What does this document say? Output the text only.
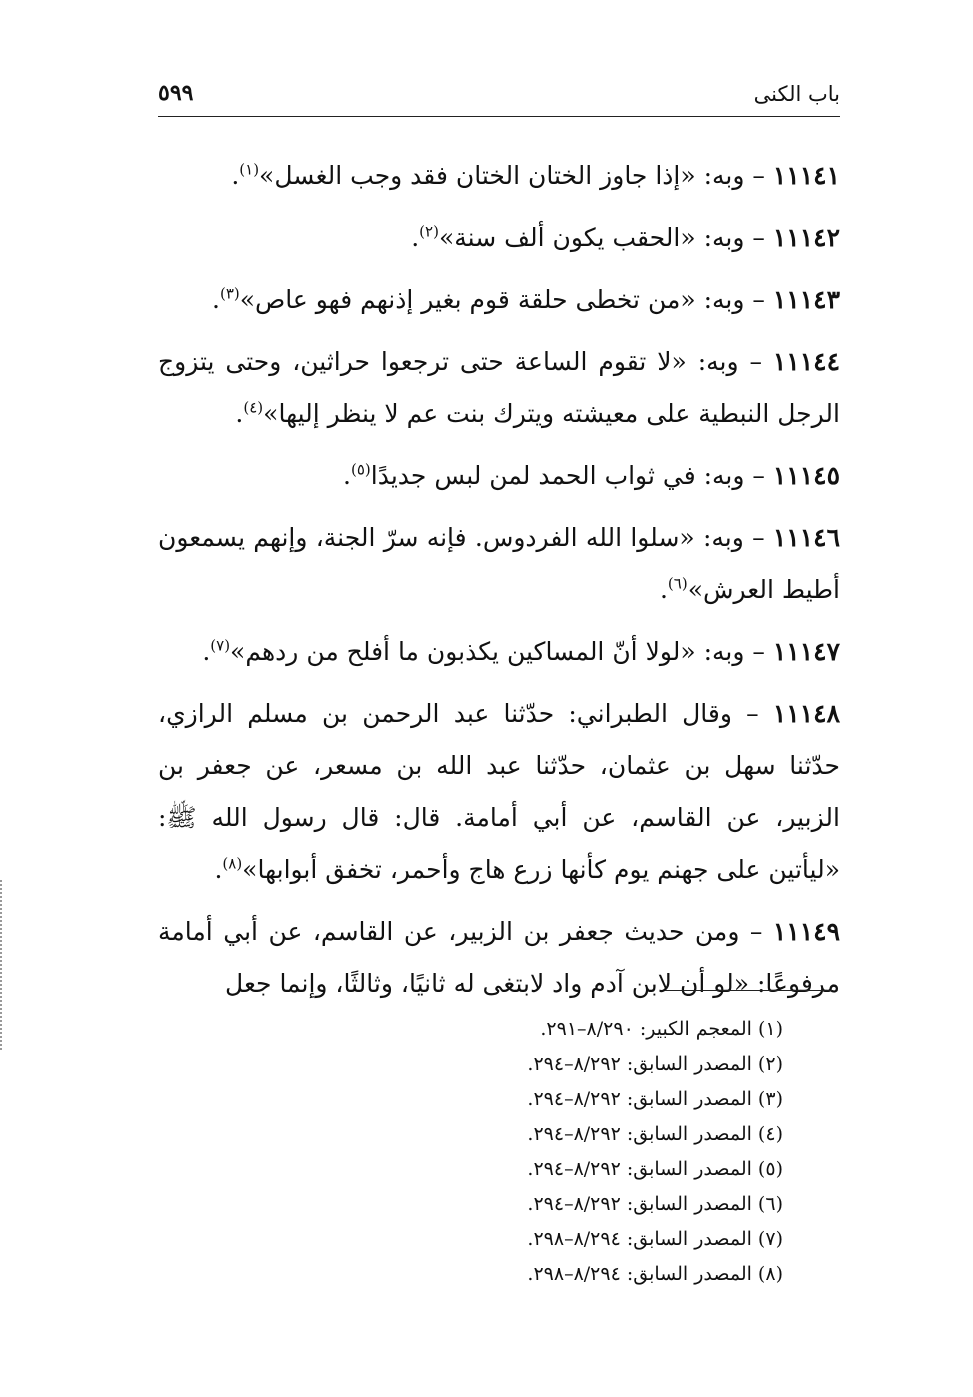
باب الكنى
٥٩٩

١١١٤١ – وبه: «إذا جاوز الختان الختان فقد وجب الغسل»$^{(١)}$.

١١١٤٢ – وبه: «الحقب يكون ألف سنة»$^{(٢)}$.

١١١٤٣ – وبه: «من تخطى حلقة قوم بغير إذنهم فهو عاص»$^{(٣)}$.

١١١٤٤ – وبه: «لا تقوم الساعة حتى ترجعوا حراثين، وحتى يتزوج الرجل النبطية على معيشته ويترك بنت عم لا ينظر إليها»$^{(٤)}$.

١١١٤٥ – وبه: في ثواب الحمد لمن لبس جديدًا$^{(٥)}$.

١١١٤٦ – وبه: «سلوا الله الفردوس. فإنه سرّ الجنة، وإنهم يسمعون أطيط العرش»$^{(٦)}$.

١١١٤٧ – وبه: «لولا أنّ المساكين يكذبون ما أفلح من ردهم»$^{(٧)}$.

١١١٤٨ – وقال الطبراني: حدّثنا عبد الرحمن بن مسلم الرازي، حدّثنا سهل بن عثمان، حدّثنا عبد الله بن مسعر، عن جعفر بن الزبير، عن القاسم، عن أبي أمامة. قال: قال رسول الله ﷺ: «ليأتين على جهنم يوم كأنها زرع هاج وأحمر، تخفق أبوابها»$^{(٨)}$.

١١١٤٩ – ومن حديث جعفر بن الزبير، عن القاسم، عن أبي أمامة مرفوعًا: «لو أن لابن آدم واد لابتغى له ثانيًا، وثالثًا، وإنما جعل

(١) المعجم الكبير: ٨/٢٩٠–٢٩١.

(٢) المصدر السابق: ٨/٢٩٢–٢٩٤.

(٣) المصدر السابق: ٨/٢٩٢–٢٩٤.

(٤) المصدر السابق: ٨/٢٩٢–٢٩٤.

(٥) المصدر السابق: ٨/٢٩٢–٢٩٤.

(٦) المصدر السابق: ٨/٢٩٢–٢٩٤.

(٧) المصدر السابق: ٨/٢٩٤–٢٩٨.

(٨) المصدر السابق: ٨/٢٩٤–٢٩٨.
